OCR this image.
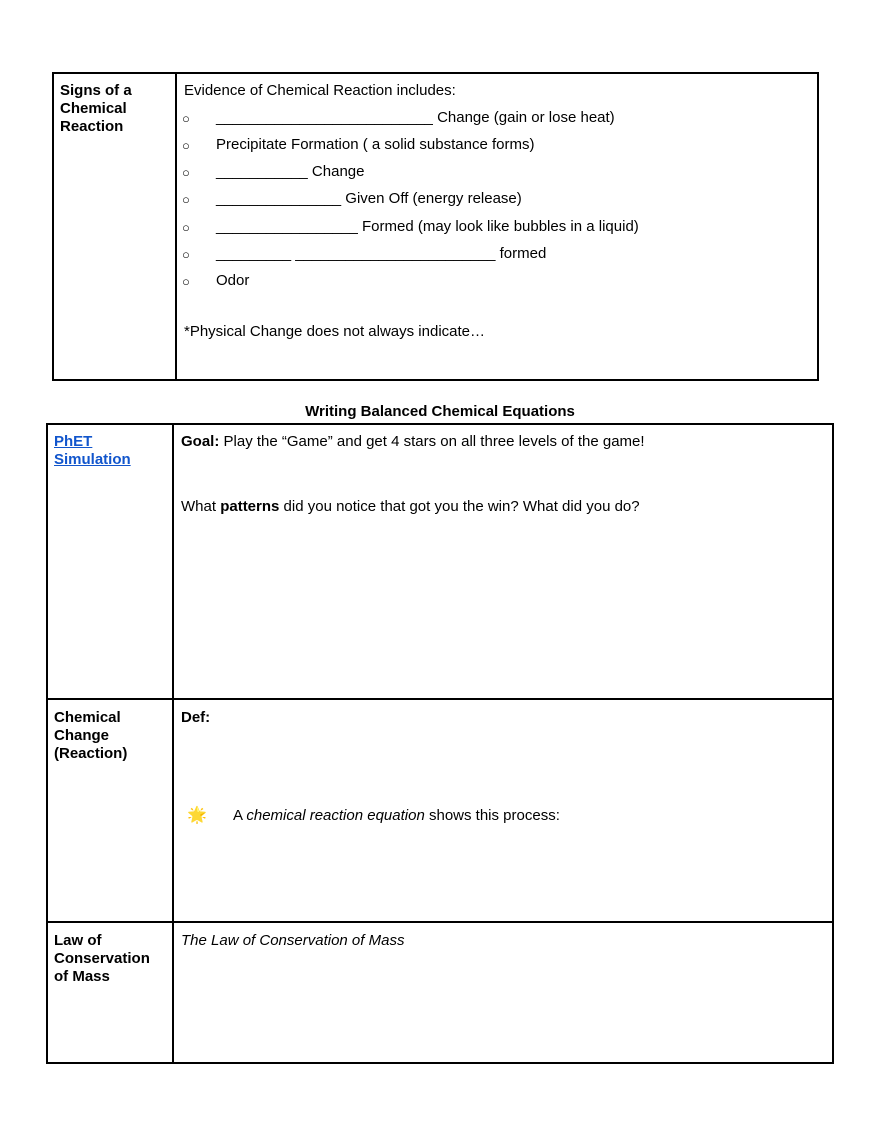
Signs of a Chemical Reaction
Evidence of Chemical Reaction includes:
○ __________________________ Change (gain or lose heat)
○ Precipitate Formation ( a solid substance forms)
○ ___________ Change
○ _______________ Given Off (energy release)
○ _________________ Formed (may look like bubbles in a liquid)
○ _________ ________________________ formed
○ Odor
*Physical Change does not always indicate…
Writing Balanced Chemical Equations
PhET Simulation
Goal: Play the “Game” and get 4 stars on all three levels of the game!
What patterns did you notice that got you the win? What did you do?
Chemical Change (Reaction)
Def:
🌟 A chemical reaction equation shows this process:
Law of Conservation of Mass
The Law of Conservation of Mass
